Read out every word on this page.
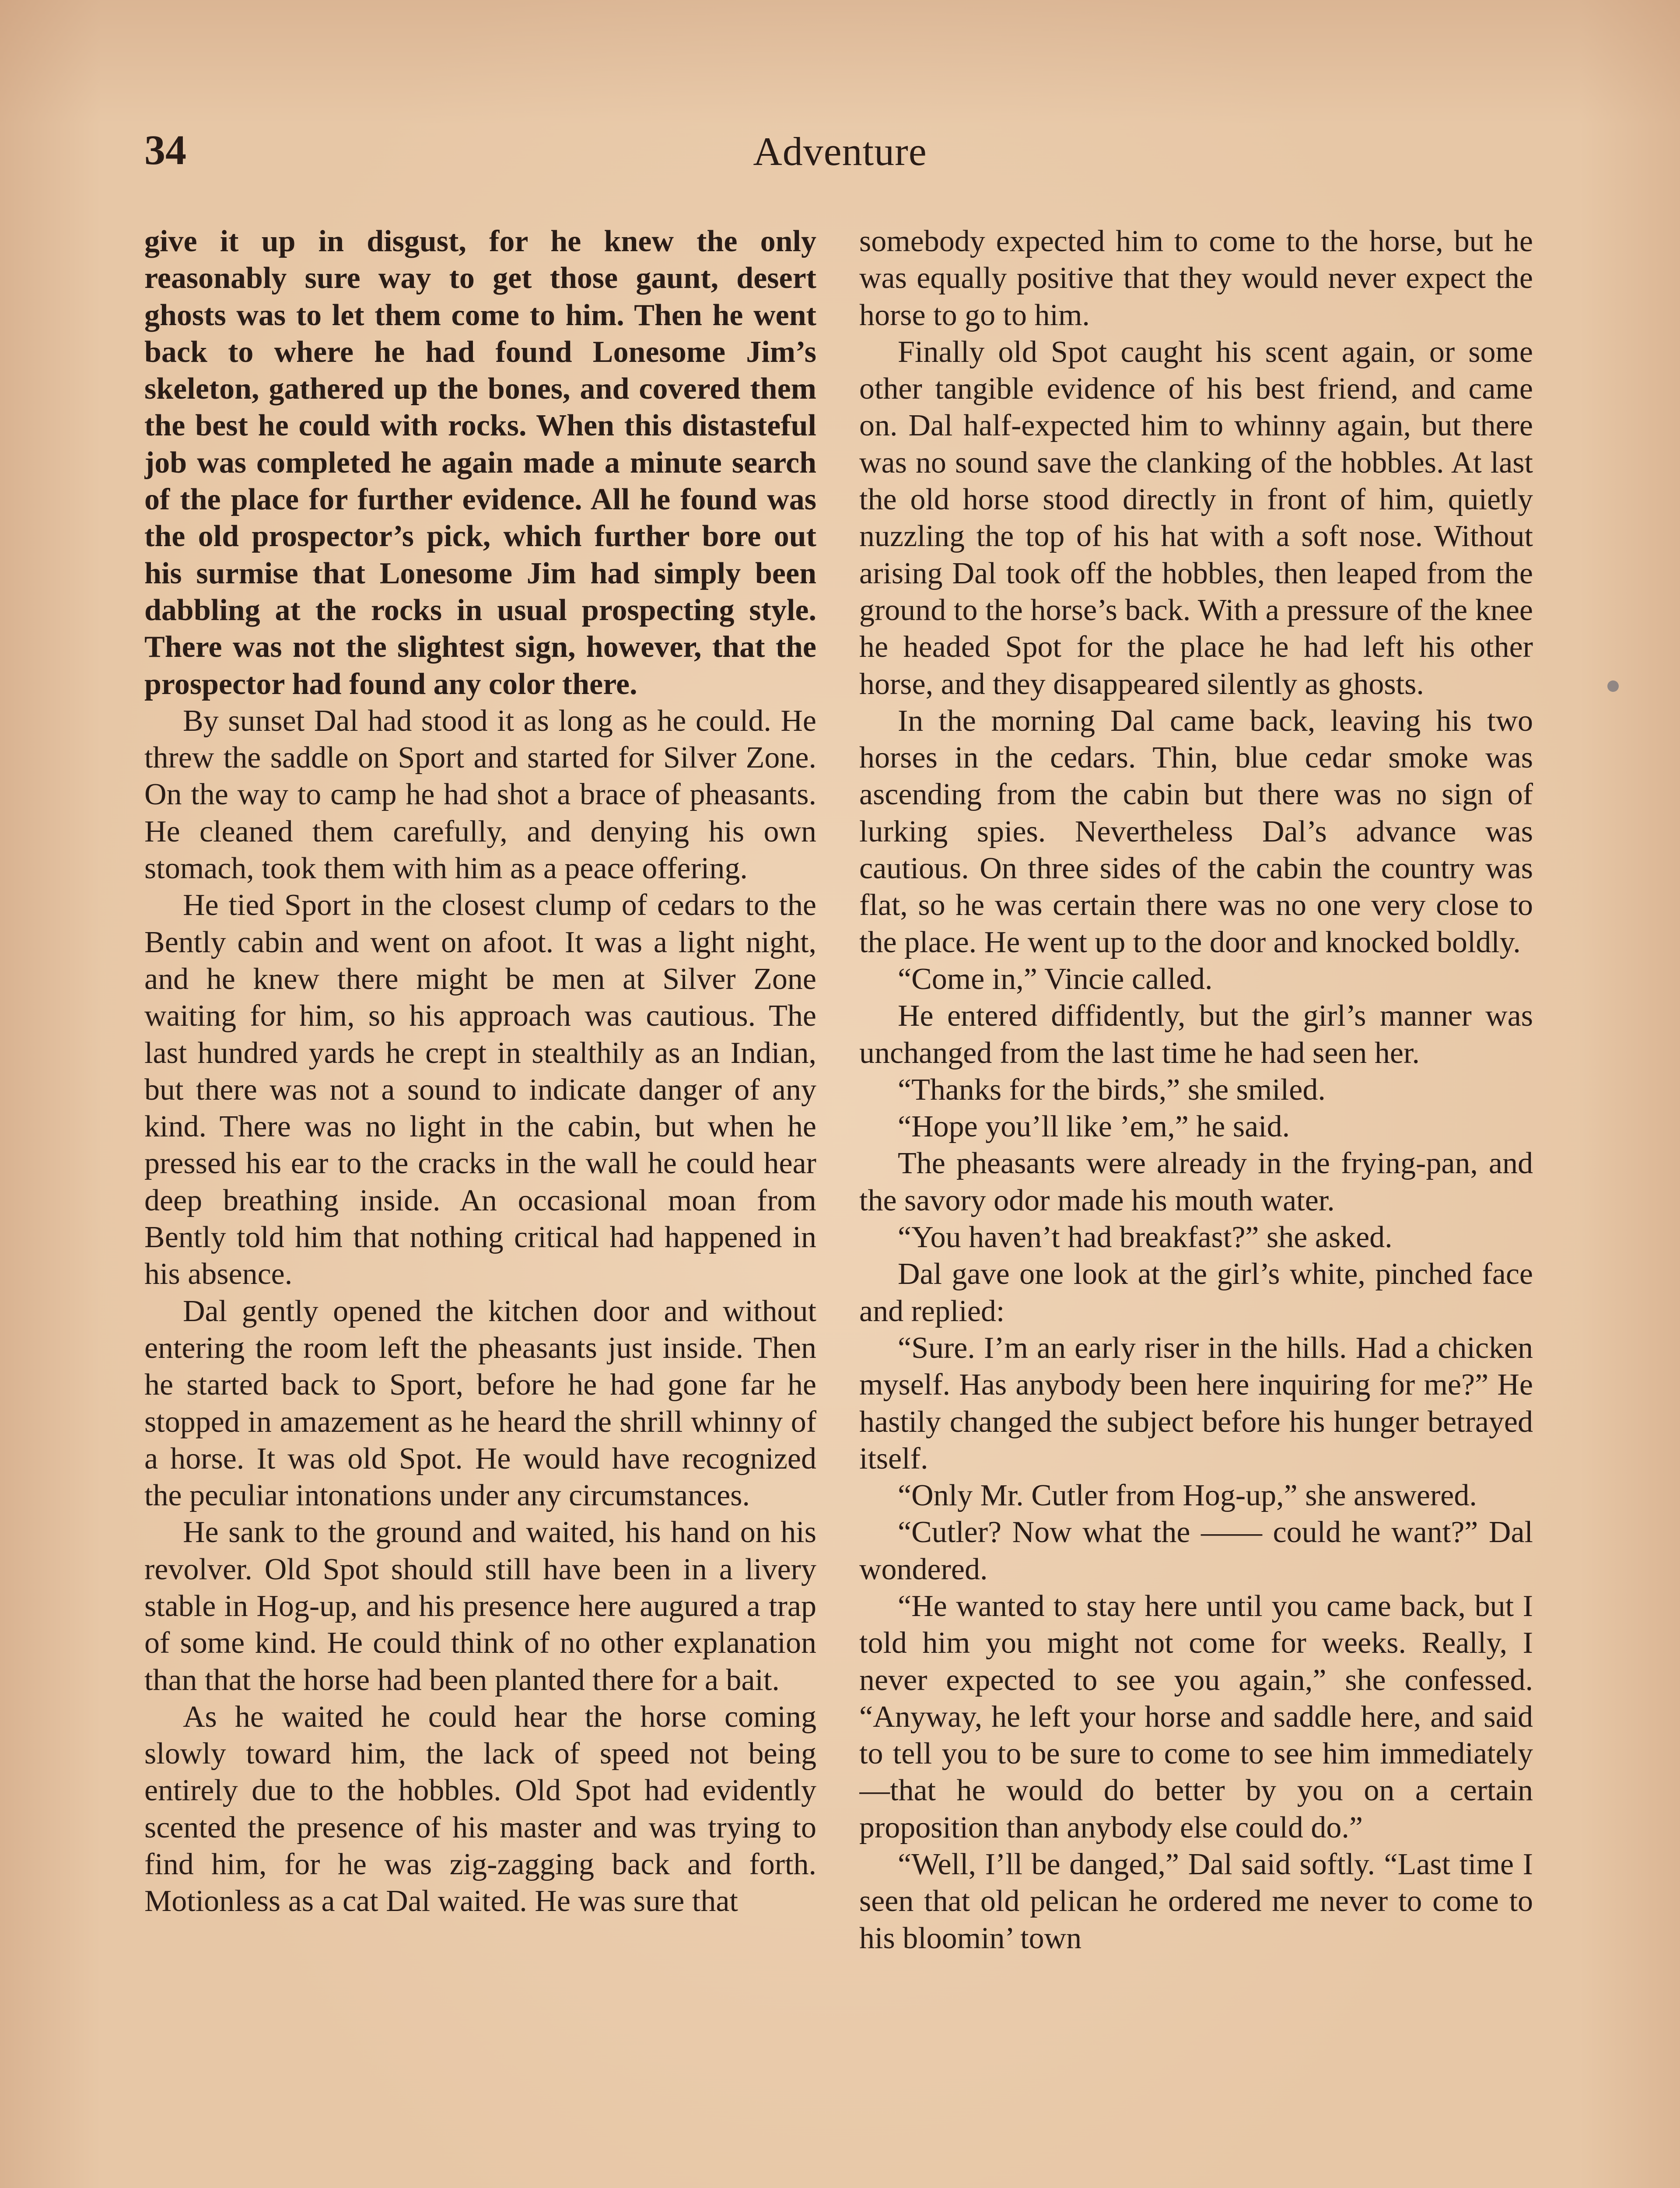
34	Adventure

give it up in disgust, for he knew the only reasonably sure way to get those gaunt, desert ghosts was to let them come to him. Then he went back to where he had found Lonesome Jim’s skeleton, gathered up the bones, and covered them the best he could with rocks. When this distasteful job was completed he again made a minute search of the place for further evidence. All he found was the old prospector’s pick, which further bore out his surmise that Lonesome Jim had simply been dabbling at the rocks in usual prospecting style. There was not the slightest sign, however, that the prospector had found any color there.

By sunset Dal had stood it as long as he could. He threw the saddle on Sport and started for Silver Zone. On the way to camp he had shot a brace of pheasants. He cleaned them carefully, and denying his own stomach, took them with him as a peace offering.

He tied Sport in the closest clump of cedars to the Bently cabin and went on afoot. It was a light night, and he knew there might be men at Silver Zone waiting for him, so his approach was cautious. The last hundred yards he crept in stealthily as an Indian, but there was not a sound to indicate danger of any kind. There was no light in the cabin, but when he pressed his ear to the cracks in the wall he could hear deep breathing inside. An occasional moan from Bently told him that nothing critical had happened in his absence.

Dal gently opened the kitchen door and without entering the room left the pheasants just inside. Then he started back to Sport, before he had gone far he stopped in amazement as he heard the shrill whinny of a horse. It was old Spot. He would have recognized the peculiar intonations under any circumstances.

He sank to the ground and waited, his hand on his revolver. Old Spot should still have been in a livery stable in Hog-up, and his presence here augured a trap of some kind. He could think of no other explanation than that the horse had been planted there for a bait.

As he waited he could hear the horse coming slowly toward him, the lack of speed not being entirely due to the hobbles. Old Spot had evidently scented the presence of his master and was trying to find him, for he was zig-zagging back and forth. Motionless as a cat Dal waited. He was sure that

somebody expected him to come to the horse, but he was equally positive that they would never expect the horse to go to him.

Finally old Spot caught his scent again, or some other tangible evidence of his best friend, and came on. Dal half-expected him to whinny again, but there was no sound save the clanking of the hobbles. At last the old horse stood directly in front of him, quietly nuzzling the top of his hat with a soft nose. Without arising Dal took off the hobbles, then leaped from the ground to the horse’s back. With a pressure of the knee he headed Spot for the place he had left his other horse, and they disappeared silently as ghosts.

In the morning Dal came back, leaving his two horses in the cedars. Thin, blue cedar smoke was ascending from the cabin but there was no sign of lurking spies. Nevertheless Dal’s advance was cautious. On three sides of the cabin the country was flat, so he was certain there was no one very close to the place. He went up to the door and knocked boldly.

“Come in,” Vincie called.

He entered diffidently, but the girl’s manner was unchanged from the last time he had seen her.

“Thanks for the birds,” she smiled.

“Hope you’ll like ’em,” he said.

The pheasants were already in the frying-pan, and the savory odor made his mouth water.

“You haven’t had breakfast?” she asked.

Dal gave one look at the girl’s white, pinched face and replied:

“Sure. I’m an early riser in the hills. Had a chicken myself. Has anybody been here inquiring for me?” He hastily changed the subject before his hunger betrayed itself.

“Only Mr. Cutler from Hog-up,” she answered.

“Cutler? Now what the —— could he want?” Dal wondered.

“He wanted to stay here until you came back, but I told him you might not come for weeks. Really, I never expected to see you again,” she confessed. “Anyway, he left your horse and saddle here, and said to tell you to be sure to come to see him immediately—that he would do better by you on a certain proposition than anybody else could do.”

“Well, I’ll be danged,” Dal said softly. “Last time I seen that old pelican he ordered me never to come to his bloomin’ town
